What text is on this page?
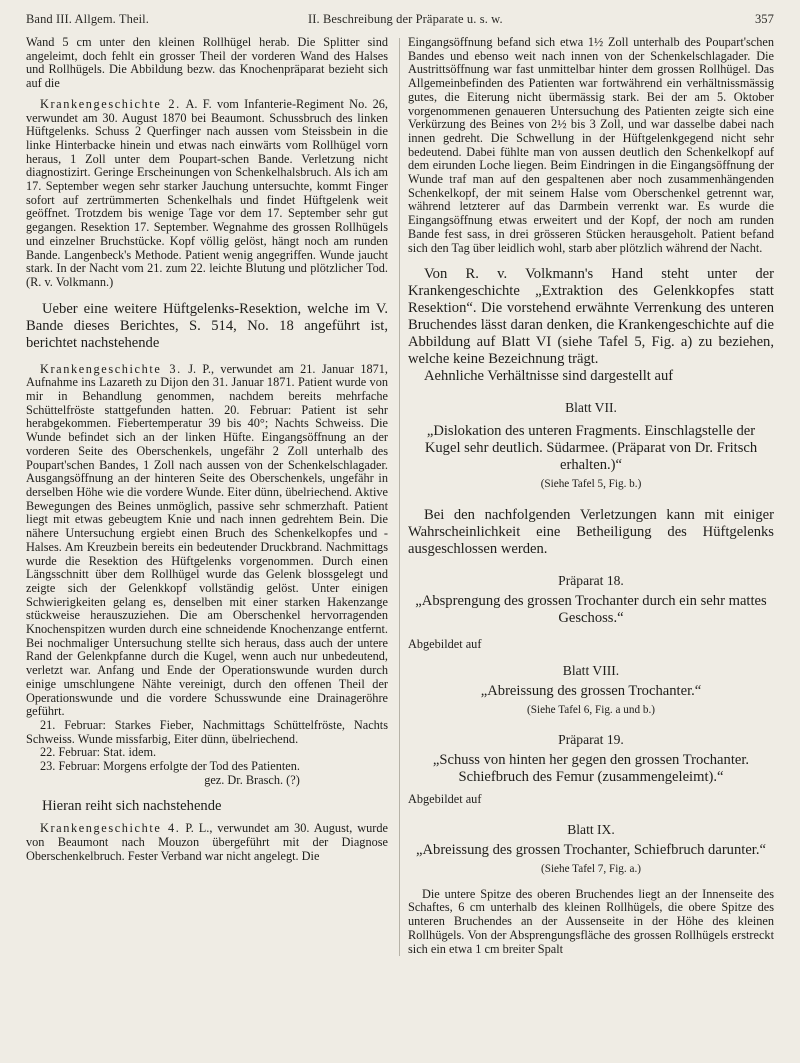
Band III. Allgem. Theil.	II. Beschreibung der Präparate u. s. w.	357

Wand 5 cm unter den kleinen Rollhügel herab. Die Splitter sind angeleimt, doch fehlt ein grosser Theil der vorderen Wand des Halses und Rollhügels. Die Abbildung bezw. das Knochenpräparat bezieht sich auf die

Krankengeschichte 2. A. F. vom Infanterie-Regiment No. 26, verwundet am 30. August 1870 bei Beaumont. Schussbruch des linken Hüftgelenks. Schuss 2 Querfinger nach aussen vom Steissbein in die linke Hinterbacke hinein und etwas nach einwärts vom Rollhügel vorn heraus, 1 Zoll unter dem Poupart-schen Bande. Verletzung nicht diagnostizirt. Geringe Erscheinungen von Schenkelhalsbruch. Als ich am 17. September wegen sehr starker Jauchung untersuchte, kommt Finger sofort auf zertrümmerten Schenkelhals und findet Hüftgelenk weit geöffnet. Trotzdem bis wenige Tage vor dem 17. September sehr gut gegangen. Resektion 17. September. Wegnahme des grossen Rollhügels und einzelner Bruchstücke. Kopf völlig gelöst, hängt noch am runden Bande. Langenbeck's Methode. Patient wenig angegriffen. Wunde jaucht stark. In der Nacht vom 21. zum 22. leichte Blutung und plötzlicher Tod. (R. v. Volkmann.)

Ueber eine weitere Hüftgelenks-Resektion, welche im V. Bande dieses Berichtes, S. 514, No. 18 angeführt ist, berichtet nachstehende

Krankengeschichte 3. J. P., verwundet am 21. Januar 1871, Aufnahme ins Lazareth zu Dijon den 31. Januar 1871. Patient wurde von mir in Behandlung genommen, nachdem bereits mehrfache Schüttelfröste stattgefunden hatten. 20. Februar: Patient ist sehr herabgekommen. Fiebertemperatur 39 bis 40°; Nachts Schweiss. Die Wunde befindet sich an der linken Hüfte. Eingangsöffnung an der vorderen Seite des Oberschenkels, ungefähr 2 Zoll unterhalb des Poupart'schen Bandes, 1 Zoll nach aussen von der Schenkelschlagader. Ausgangsöffnung an der hinteren Seite des Oberschenkels, ungefähr in derselben Höhe wie die vordere Wunde. Eiter dünn, übelriechend. Aktive Bewegungen des Beines unmöglich, passive sehr schmerzhaft. Patient liegt mit etwas gebeugtem Knie und nach innen gedrehtem Bein. Die nähere Untersuchung ergiebt einen Bruch des Schenkelkopfes und -Halses. Am Kreuzbein bereits ein bedeutender Druckbrand. Nachmittags wurde die Resektion des Hüftgelenks vorgenommen. Durch einen Längsschnitt über dem Rollhügel wurde das Gelenk blossgelegt und zeigte sich der Gelenkkopf vollständig gelöst. Unter einigen Schwierigkeiten gelang es, denselben mit einer starken Hakenzange stückweise herauszuziehen. Die am Oberschenkel hervorragenden Knochenspitzen wurden durch eine schneidende Knochenzange entfernt. Bei nochmaliger Untersuchung stellte sich heraus, dass auch der untere Rand der Gelenkpfanne durch die Kugel, wenn auch nur unbedeutend, verletzt war. Anfang und Ende der Operationswunde wurden durch einige umschlungene Nähte vereinigt, durch den offenen Theil der Operationswunde und die vordere Schusswunde eine Drainageröhre geführt.

21. Februar: Starkes Fieber, Nachmittags Schüttelfröste, Nachts Schweiss. Wunde missfarbig, Eiter dünn, übelriechend.

22. Februar: Stat. idem.

23. Februar: Morgens erfolgte der Tod des Patienten.

gez. Dr. Brasch. (?)

Hieran reiht sich nachstehende

Krankengeschichte 4. P. L., verwundet am 30. August, wurde von Beaumont nach Mouzon übergeführt mit der Diagnose Oberschenkelbruch. Fester Verband war nicht angelegt. Die

Eingangsöffnung befand sich etwa 1½ Zoll unterhalb des Poupart'schen Bandes und ebenso weit nach innen von der Schenkelschlagader. Die Austrittsöffnung war fast unmittelbar hinter dem grossen Rollhügel. Das Allgemeinbefinden des Patienten war fortwährend ein verhältnissmässig gutes, die Eiterung nicht übermässig stark. Bei der am 5. Oktober vorgenommenen genaueren Untersuchung des Patienten zeigte sich eine Verkürzung des Beines von 2½ bis 3 Zoll, und war dasselbe dabei nach innen gedreht. Die Schwellung in der Hüftgelenkgegend nicht sehr bedeutend. Dabei fühlte man von aussen deutlich den Schenkelkopf auf dem eirunden Loche liegen. Beim Eindringen in die Eingangsöffnung der Wunde traf man auf den gespaltenen aber noch zusammenhängenden Schenkelkopf, der mit seinem Halse vom Oberschenkel getrennt war, während letzterer auf das Darmbein verrenkt war. Es wurde die Eingangsöffnung etwas erweitert und der Kopf, der noch am runden Bande fest sass, in drei grösseren Stücken herausgeholt. Patient befand sich den Tag über leidlich wohl, starb aber plötzlich während der Nacht.

Von R. v. Volkmann's Hand steht unter der Krankengeschichte „Extraktion des Gelenkkopfes statt Resektion“. Die vorstehend erwähnte Verrenkung des unteren Bruchendes lässt daran denken, die Krankengeschichte auf die Abbildung auf Blatt VI (siehe Tafel 5, Fig. a) zu beziehen, welche keine Bezeichnung trägt.

Aehnliche Verhältnisse sind dargestellt auf

Blatt VII.

„Dislokation des unteren Fragments. Einschlagstelle der Kugel sehr deutlich. Südarmee. (Präparat von Dr. Fritsch erhalten.)“

(Siehe Tafel 5, Fig. b.)

Bei den nachfolgenden Verletzungen kann mit einiger Wahrscheinlichkeit eine Betheiligung des Hüftgelenks ausgeschlossen werden.

Präparat 18.

„Absprengung des grossen Trochanter durch ein sehr mattes Geschoss.“

Abgebildet auf

Blatt VIII.

„Abreissung des grossen Trochanter.“

(Siehe Tafel 6, Fig. a und b.)

Präparat 19.

„Schuss von hinten her gegen den grossen Trochanter. Schiefbruch des Femur (zusammengeleimt).“

Abgebildet auf

Blatt IX.

„Abreissung des grossen Trochanter, Schiefbruch darunter.“

(Siehe Tafel 7, Fig. a.)

Die untere Spitze des oberen Bruchendes liegt an der Innenseite des Schaftes, 6 cm unterhalb des kleinen Rollhügels, die obere Spitze des unteren Bruchendes an der Aussenseite in der Höhe des kleinen Rollhügels. Von der Absprengungsfläche des grossen Rollhügels erstreckt sich ein etwa 1 cm breiter Spalt
